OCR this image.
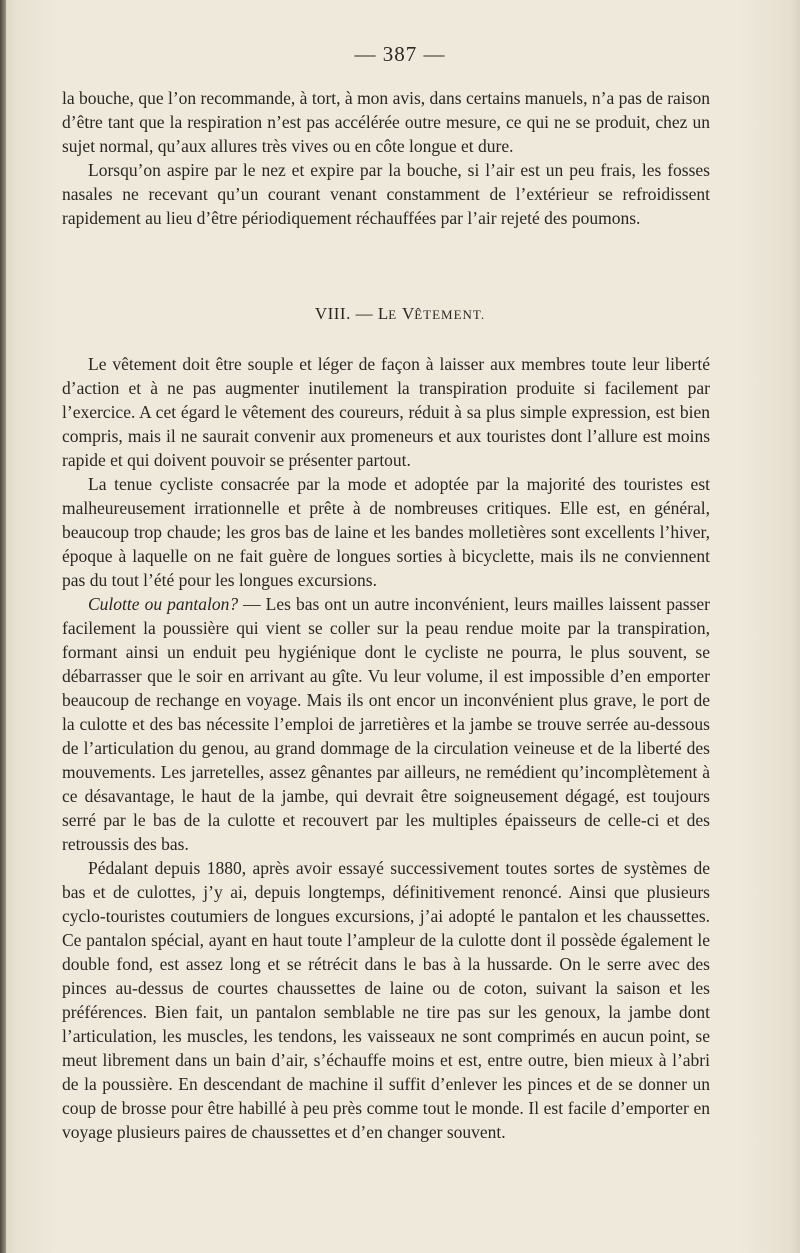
— 387 —

la bouche, que l’on recommande, à tort, à mon avis, dans certains manuels, n’a pas de raison d’être tant que la respiration n’est pas accélérée outre mesure, ce qui ne se produit, chez un sujet normal, qu’aux allures très vives ou en côte longue et dure.

Lorsqu’on aspire par le nez et expire par la bouche, si l’air est un peu frais, les fosses nasales ne recevant qu’un courant venant constamment de l’extérieur se refroidissent rapidement au lieu d’être périodiquement réchauffées par l’air rejeté des poumons.

VIII. — LE VÊTEMENT.

Le vêtement doit être souple et léger de façon à laisser aux membres toute leur liberté d’action et à ne pas augmenter inutilement la transpiration produite si facilement par l’exercice. A cet égard le vêtement des coureurs, réduit à sa plus simple expression, est bien compris, mais il ne saurait convenir aux promeneurs et aux touristes dont l’allure est moins rapide et qui doivent pouvoir se présenter partout.

La tenue cycliste consacrée par la mode et adoptée par la majorité des touristes est malheureusement irrationnelle et prête à de nombreuses critiques. Elle est, en général, beaucoup trop chaude; les gros bas de laine et les bandes molletières sont excellents l’hiver, époque à laquelle on ne fait guère de longues sorties à bicyclette, mais ils ne conviennent pas du tout l’été pour les longues excursions.

Culotte ou pantalon? — Les bas ont un autre inconvénient, leurs mailles laissent passer facilement la poussière qui vient se coller sur la peau rendue moite par la transpiration, formant ainsi un enduit peu hygiénique dont le cycliste ne pourra, le plus souvent, se débarrasser que le soir en arrivant au gîte. Vu leur volume, il est impossible d’en emporter beaucoup de rechange en voyage. Mais ils ont encor un inconvénient plus grave, le port de la culotte et des bas nécessite l’emploi de jarretières et la jambe se trouve serrée au-dessous de l’articulation du genou, au grand dommage de la circulation veineuse et de la liberté des mouvements. Les jarretelles, assez gênantes par ailleurs, ne remédient qu’incomplètement à ce désavantage, le haut de la jambe, qui devrait être soigneusement dégagé, est toujours serré par le bas de la culotte et recouvert par les multiples épaisseurs de celle-ci et des retroussis des bas.

Pédalant depuis 1880, après avoir essayé successivement toutes sortes de systèmes de bas et de culottes, j’y ai, depuis longtemps, définitivement renoncé. Ainsi que plusieurs cyclo-touristes coutumiers de longues excursions, j’ai adopté le pantalon et les chaussettes. Ce pantalon spécial, ayant en haut toute l’ampleur de la culotte dont il possède également le double fond, est assez long et se rétrécit dans le bas à la hussarde. On le serre avec des pinces au-dessus de courtes chaussettes de laine ou de coton, suivant la saison et les préférences. Bien fait, un pantalon semblable ne tire pas sur les genoux, la jambe dont l’articulation, les muscles, les tendons, les vaisseaux ne sont comprimés en aucun point, se meut librement dans un bain d’air, s’échauffe moins et est, entre outre, bien mieux à l’abri de la poussière. En descendant de machine il suffit d’enlever les pinces et de se donner un coup de brosse pour être habillé à peu près comme tout le monde. Il est facile d’emporter en voyage plusieurs paires de chaussettes et d’en changer souvent.
